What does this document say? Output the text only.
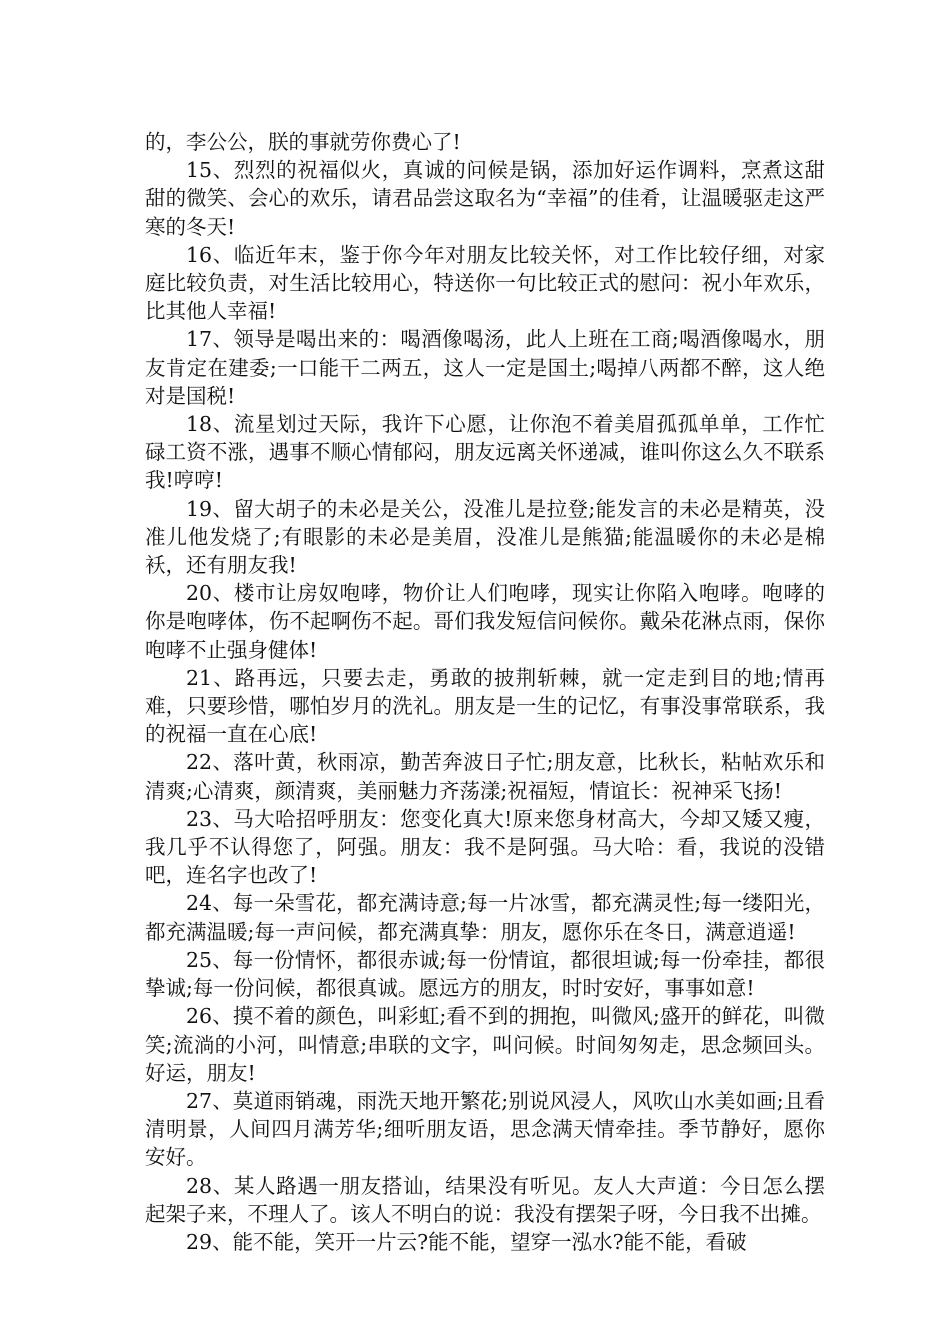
的，李公公，朕的事就劳你费心了!

15、烈烈的祝福似火，真诚的问候是锅，添加好运作调料，烹煮这甜甜的微笑、会心的欢乐，请君品尝这取名为“幸福”的佳肴，让温暖驱走这严寒的冬天!

16、临近年末，鉴于你今年对朋友比较关怀，对工作比较仔细，对家庭比较负责，对生活比较用心，特送你一句比较正式的慰问：祝小年欢乐，比其他人幸福!

17、领导是喝出来的：喝酒像喝汤，此人上班在工商;喝酒像喝水，朋友肯定在建委;一口能干二两五，这人一定是国土;喝掉八两都不醉，这人绝对是国税!

18、流星划过天际，我许下心愿，让你泡不着美眉孤孤单单，工作忙碌工资不涨，遇事不顺心情郁闷，朋友远离关怀递减，谁叫你这么久不联系我!哼哼!

19、留大胡子的未必是关公，没准儿是拉登;能发言的未必是精英，没准儿他发烧了;有眼影的未必是美眉，没准儿是熊猫;能温暖你的未必是棉袄，还有朋友我!

20、楼市让房奴咆哮，物价让人们咆哮，现实让你陷入咆哮。咆哮的你是咆哮体，伤不起啊伤不起。哥们我发短信问候你。戴朵花淋点雨，保你咆哮不止强身健体!

21、路再远，只要去走，勇敢的披荆斩棘，就一定走到目的地;情再难，只要珍惜，哪怕岁月的洗礼。朋友是一生的记忆，有事没事常联系，我的祝福一直在心底!

22、落叶黄，秋雨凉，勤苦奔波日子忙;朋友意，比秋长，粘帖欢乐和清爽;心清爽，颜清爽，美丽魅力齐荡漾;祝福短，情谊长：祝神采飞扬!

23、马大哈招呼朋友：您变化真大!原来您身材高大，今却又矮又瘦，我几乎不认得您了，阿强。朋友：我不是阿强。马大哈：看，我说的没错吧，连名字也改了!

24、每一朵雪花，都充满诗意;每一片冰雪，都充满灵性;每一缕阳光，都充满温暖;每一声问候，都充满真挚：朋友，愿你乐在冬日，满意逍遥!

25、每一份情怀，都很赤诚;每一份情谊，都很坦诚;每一份牵挂，都很挚诚;每一份问候，都很真诚。愿远方的朋友，时时安好，事事如意!

26、摸不着的颜色，叫彩虹;看不到的拥抱，叫微风;盛开的鲜花，叫微笑;流淌的小河，叫情意;串联的文字，叫问候。时间匆匆走，思念频回头。好运，朋友!

27、莫道雨销魂，雨洗天地开繁花;别说风浸人，风吹山水美如画;且看清明景，人间四月满芳华;细听朋友语，思念满天情牵挂。季节静好，愿你安好。

28、某人路遇一朋友搭讪，结果没有听见。友人大声道：今日怎么摆起架子来，不理人了。该人不明白的说：我没有摆架子呀，今日我不出摊。

29、能不能，笑开一片云?能不能，望穿一泓水?能不能，看破
